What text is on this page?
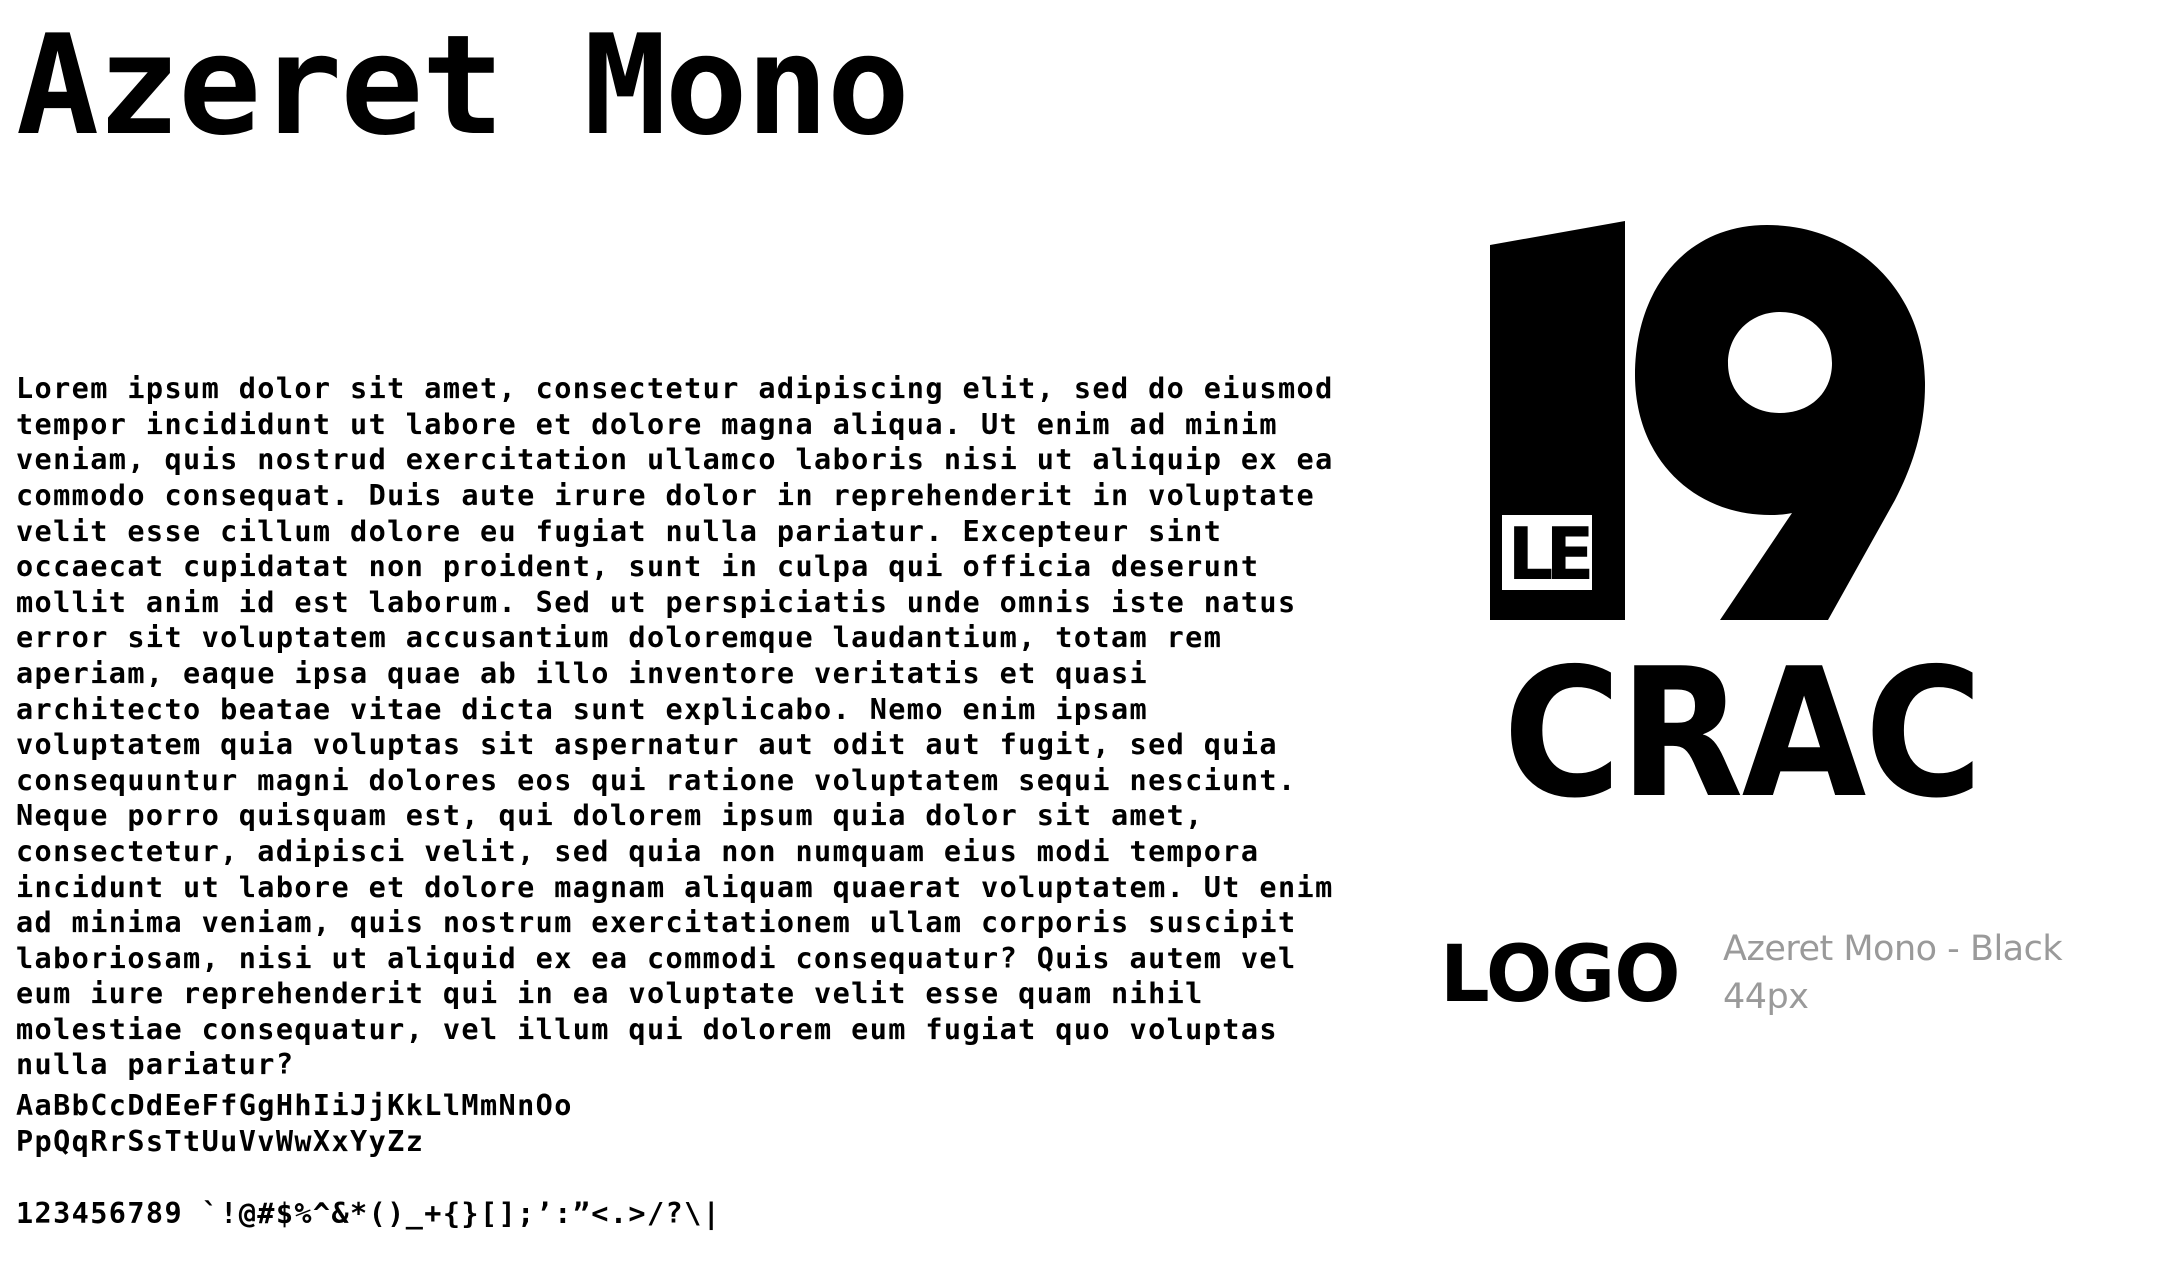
Azeret Mono

Lorem ipsum dolor sit amet, consectetur adipiscing elit, sed do eiusmod tempor incididunt ut labore et dolore magna aliqua. Ut enim ad minim veniam, quis nostrud exercitation ullamco laboris nisi ut aliquip ex ea commodo consequat. Duis aute irure dolor in reprehenderit in voluptate velit esse cillum dolore eu fugiat nulla pariatur. Excepteur sint occaecat cupidatat non proident, sunt in culpa qui officia deserunt mollit anim id est laborum. Sed ut perspiciatis unde omnis iste natus error sit voluptatem accusantium doloremque laudantium, totam rem aperiam, eaque ipsa quae ab illo inventore veritatis et quasi architecto beatae vitae dicta sunt explicabo. Nemo enim ipsam voluptatem quia voluptas sit aspernatur aut odit aut fugit, sed quia consequuntur magni dolores eos qui ratione voluptatem sequi nesciunt. Neque porro quisquam est, qui dolorem ipsum quia dolor sit amet, consectetur, adipisci velit, sed quia non numquam eius modi tempora incidunt ut labore et dolore magnam aliquam quaerat voluptatem. Ut enim ad minima veniam, quis nostrum exercitationem ullam corporis suscipit laboriosam, nisi ut aliquid ex ea commodi consequatur? Quis autem vel eum iure reprehenderit qui in ea voluptate velit esse quam nihil molestiae consequatur, vel illum qui dolorem eum fugiat quo voluptas nulla pariatur?

AaBbCcDdEeFfGgHhIiJjKkLlMmNnOo
PpQqRrSsTtUuVvWwXxYyZz
123456789 `!@#$%^&*()_+{}[];’:”<.>/?\|
LE
CRAC
LOGO Azeret Mono - Black
44px
